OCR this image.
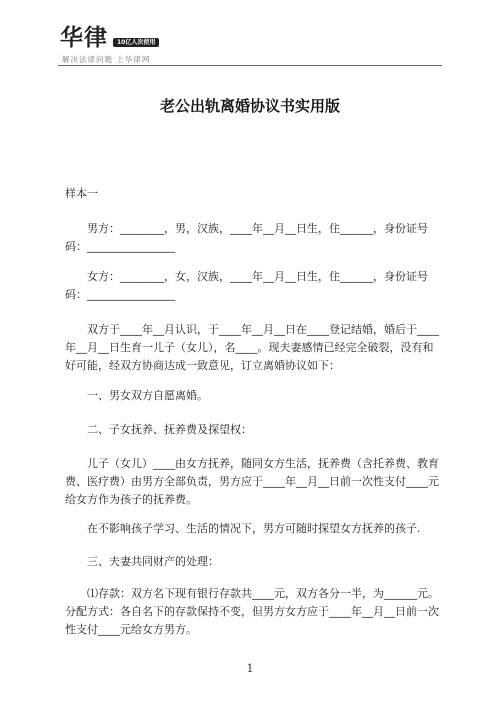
华律	10亿人次使用
解决法律问题 上华律网
老公出轨离婚协议书实用版

样本一

男方：________，男，汉族，____年__月__日生，住______，身份证号码：________________

女方：________，女，汉族，____年__月__日生，住______，身份证号码：________________

双方于____年__月认识，于____年__月__日在____登记结婚，婚后于____年__月__日生育一儿子（女儿），名____。现夫妻感情已经完全破裂，没有和好可能，经双方协商达成一致意见，订立离婚协议如下：

一、男女双方自愿离婚。

二、子女抚养、抚养费及探望权：

儿子（女儿）____由女方抚养，随同女方生活，抚养费（含托养费、教育费、医疗费）由男方全部负责，男方应于____年__月__日前一次性支付____元给女方作为孩子的抚养费。

在不影响孩子学习、生活的情况下，男方可随时探望女方抚养的孩子.

三、夫妻共同财产的处理：

⑴存款：双方名下现有银行存款共____元，双方各分一半，为______元。分配方式：各自名下的存款保持不变，但男方女方应于____年__月__日前一次性支付____元给女方男方。

1
